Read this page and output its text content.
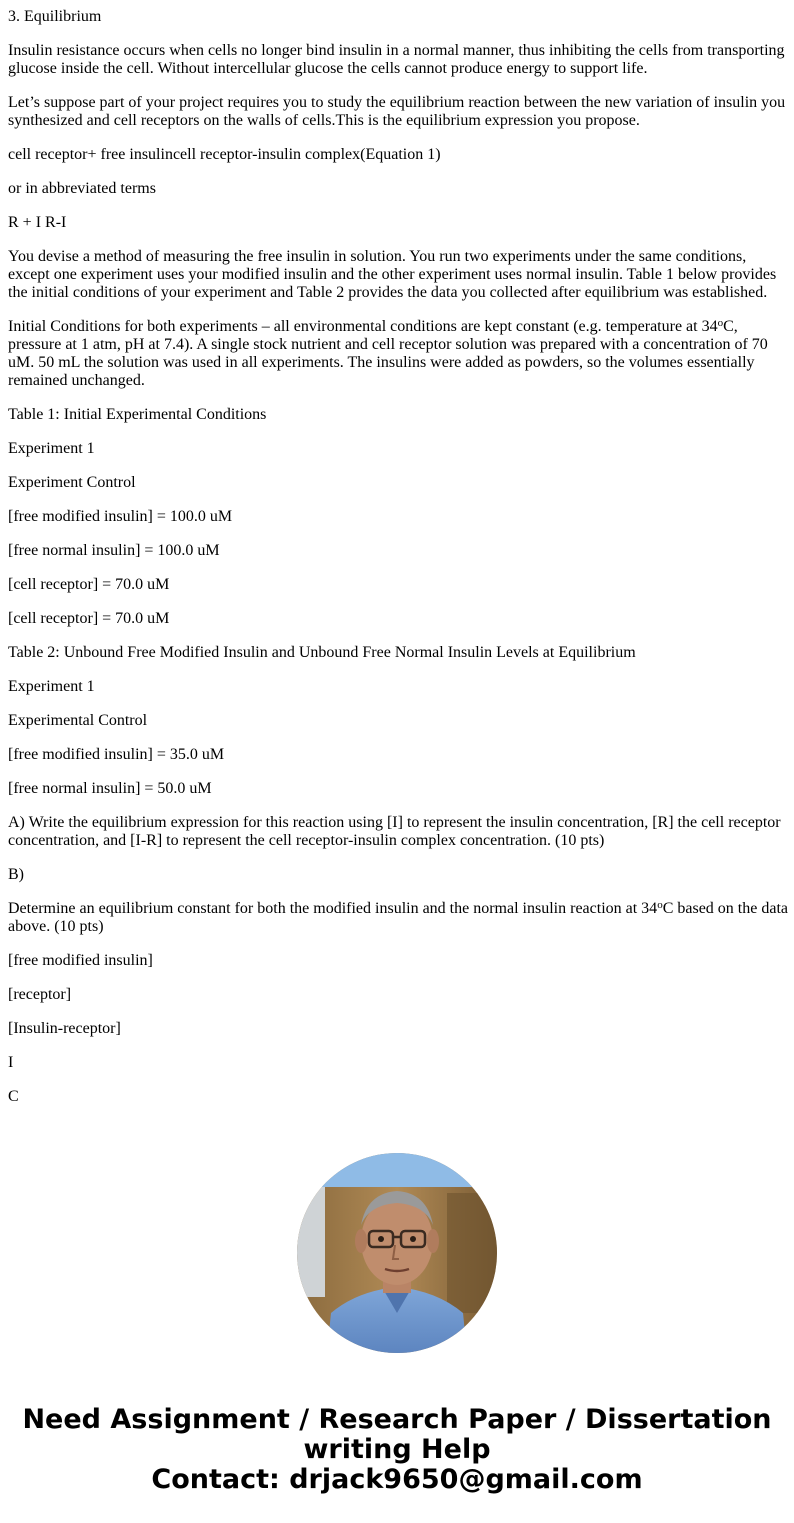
3. Equilibrium

Insulin resistance occurs when cells no longer bind insulin in a normal manner, thus inhibiting the cells from transporting glucose inside the cell. Without intercellular glucose the cells cannot produce energy to support life.

Let’s suppose part of your project requires you to study the equilibrium reaction between the new variation of insulin you synthesized and cell receptors on the walls of cells.This is the equilibrium expression you propose.

cell receptor+ free insulincell receptor-insulin complex(Equation 1)

or in abbreviated terms

R + I R-I

You devise a method of measuring the free insulin in solution. You run two experiments under the same conditions, except one experiment uses your modified insulin and the other experiment uses normal insulin. Table 1 below provides the initial conditions of your experiment and Table 2 provides the data you collected after equilibrium was established.

Initial Conditions for both experiments – all environmental conditions are kept constant (e.g. temperature at 34$^o$C, pressure at 1 atm, pH at 7.4). A single stock nutrient and cell receptor solution was prepared with a concentration of 70 uM. 50 mL the solution was used in all experiments. The insulins were added as powders, so the volumes essentially remained unchanged.

Table 1: Initial Experimental Conditions

Experiment 1

Experiment Control

[free modified insulin] = 100.0 uM

[free normal insulin] = 100.0 uM

[cell receptor] = 70.0 uM

[cell receptor] = 70.0 uM

Table 2: Unbound Free Modified Insulin and Unbound Free Normal Insulin Levels at Equilibrium

Experiment 1

Experimental Control

[free modified insulin] = 35.0 uM

[free normal insulin] = 50.0 uM

A) Write the equilibrium expression for this reaction using [I] to represent the insulin concentration, [R] the cell receptor concentration, and [I-R] to represent the cell receptor-insulin complex concentration. (10 pts)

B)

Determine an equilibrium constant for both the modified insulin and the normal insulin reaction at 34$^o$C based on the data above. (10 pts)

[free modified insulin]

[receptor]

[Insulin-receptor]

I

C

Need Assignment / Research Paper / Dissertation
writing Help
Contact: drjack9650@gmail.com
